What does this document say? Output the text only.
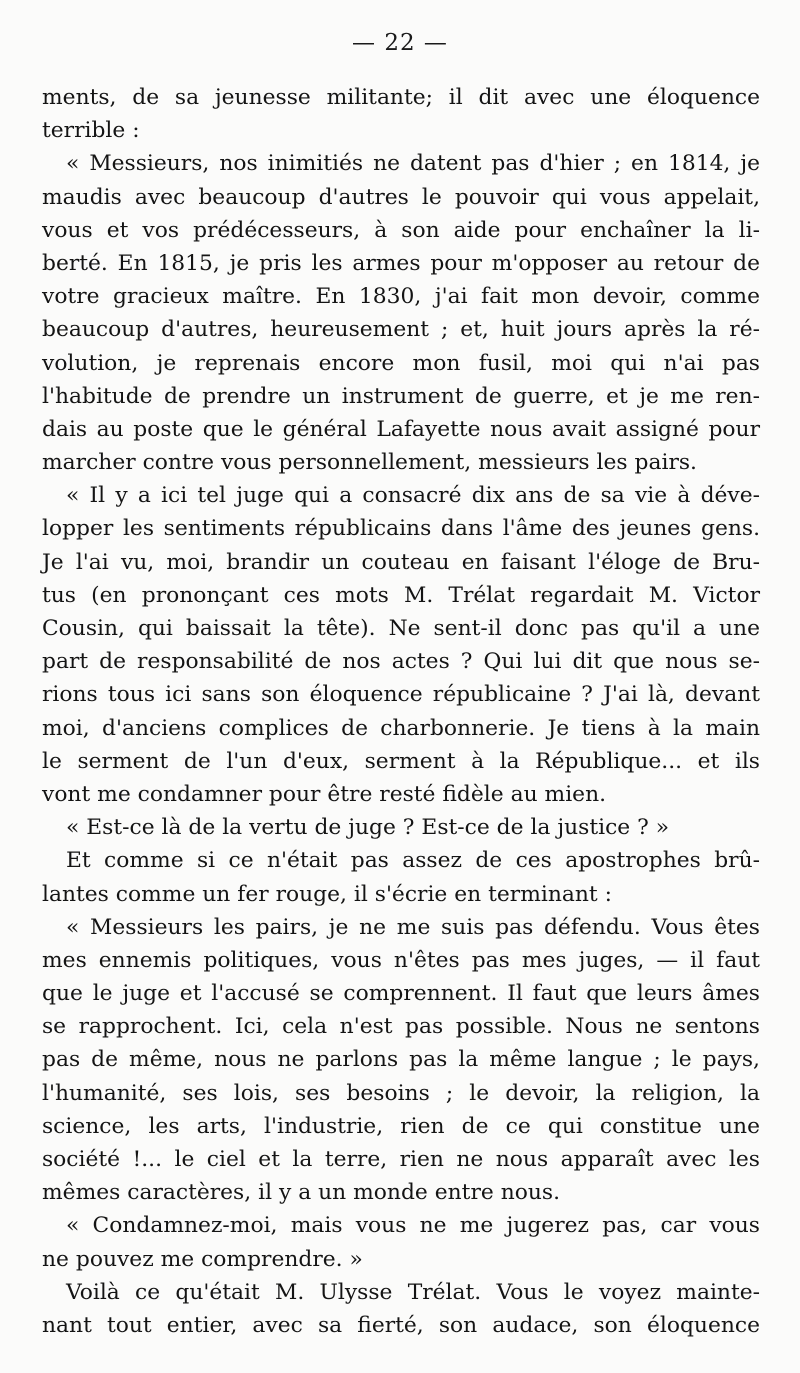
— 22 —
ments, de sa jeunesse militante; il dit avec une éloquence
terrible :
« Messieurs, nos inimitiés ne datent pas d'hier ; en 1814, je
maudis avec beaucoup d'autres le pouvoir qui vous appelait,
vous et vos prédécesseurs, à son aide pour enchaîner la li-
berté. En 1815, je pris les armes pour m'opposer au retour de
votre gracieux maître. En 1830, j'ai fait mon devoir, comme
beaucoup d'autres, heureusement ; et, huit jours après la ré-
volution, je reprenais encore mon fusil, moi qui n'ai pas
l'habitude de prendre un instrument de guerre, et je me ren-
dais au poste que le général Lafayette nous avait assigné pour
marcher contre vous personnellement, messieurs les pairs.
« Il y a ici tel juge qui a consacré dix ans de sa vie à déve-
lopper les sentiments républicains dans l'âme des jeunes gens.
Je l'ai vu, moi, brandir un couteau en faisant l'éloge de Bru-
tus (en prononçant ces mots M. Trélat regardait M. Victor
Cousin, qui baissait la tête). Ne sent-il donc pas qu'il a une
part de responsabilité de nos actes ? Qui lui dit que nous se-
rions tous ici sans son éloquence républicaine ? J'ai là, devant
moi, d'anciens complices de charbonnerie. Je tiens à la main
le serment de l'un d'eux, serment à la République... et ils
vont me condamner pour être resté fidèle au mien.
« Est-ce là de la vertu de juge ? Est-ce de la justice ? »
Et comme si ce n'était pas assez de ces apostrophes brû-
lantes comme un fer rouge, il s'écrie en terminant :
« Messieurs les pairs, je ne me suis pas défendu. Vous êtes
mes ennemis politiques, vous n'êtes pas mes juges, — il faut
que le juge et l'accusé se comprennent. Il faut que leurs âmes
se rapprochent. Ici, cela n'est pas possible. Nous ne sentons
pas de même, nous ne parlons pas la même langue ; le pays,
l'humanité, ses lois, ses besoins ; le devoir, la religion, la
science, les arts, l'industrie, rien de ce qui constitue une
société !... le ciel et la terre, rien ne nous apparaît avec les
mêmes caractères, il y a un monde entre nous.
« Condamnez-moi, mais vous ne me jugerez pas, car vous
ne pouvez me comprendre. »
Voilà ce qu'était M. Ulysse Trélat. Vous le voyez mainte-
nant tout entier, avec sa fierté, son audace, son éloquence
